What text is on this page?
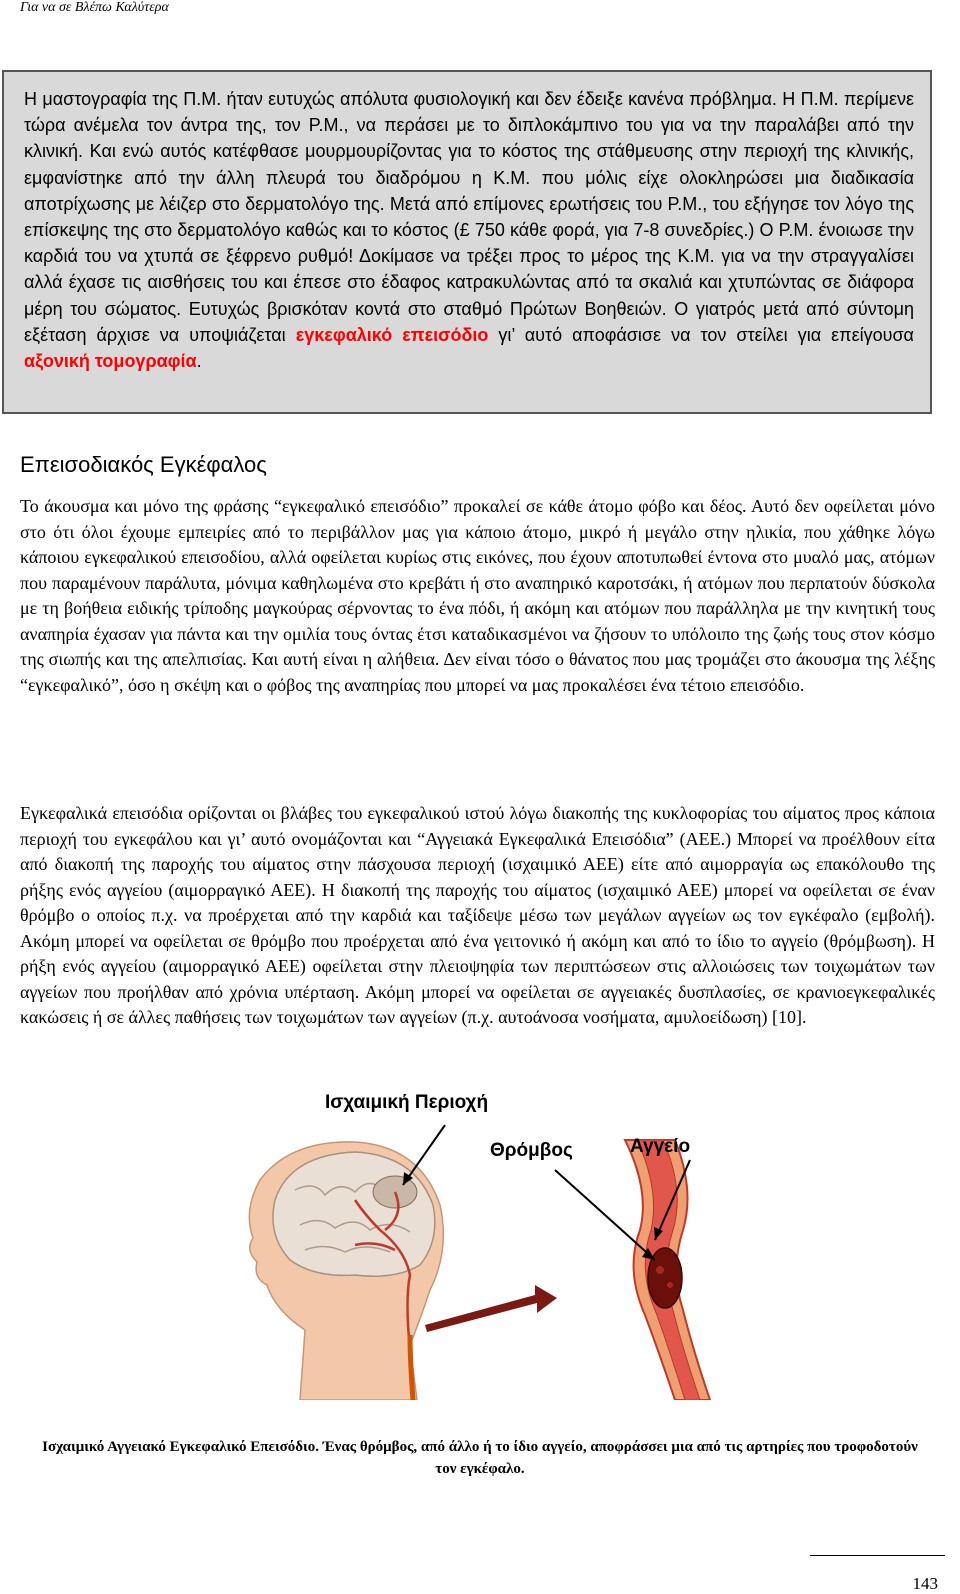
Για να σε Βλέπω Καλύτερα
Η μαστογραφία της Π.Μ. ήταν ευτυχώς απόλυτα φυσιολογική και δεν έδειξε κανένα πρόβλημα. Η Π.Μ. περίμενε τώρα ανέμελα τον άντρα της, τον Ρ.Μ., να περάσει με το διπλοκάμπινο του για να την παραλάβει από την κλινική. Και ενώ αυτός κατέφθασε μουρμουρίζοντας για το κόστος της στάθμευσης στην περιοχή της κλινικής, εμφανίστηκε από την άλλη πλευρά του διαδρόμου η Κ.Μ. που μόλις είχε ολοκληρώσει μια διαδικασία αποτρίχωσης με λέιζερ στο δερματολόγο της. Μετά από επίμονες ερωτήσεις του Ρ.Μ., του εξήγησε τον λόγο της επίσκεψης της στο δερματολόγο καθώς και το κόστος (£ 750 κάθε φορά, για 7-8 συνεδρίες.) Ο Ρ.Μ. ένοιωσε την καρδιά του να χτυπά σε ξέφρενο ρυθμό! Δοκίμασε να τρέξει προς το μέρος της Κ.Μ. για να την στραγγαλίσει αλλά έχασε τις αισθήσεις του και έπεσε στο έδαφος κατρακυλώντας από τα σκαλιά και χτυπώντας σε διάφορα μέρη του σώματος. Ευτυχώς βρισκόταν κοντά στο σταθμό Πρώτων Βοηθειών. Ο γιατρός μετά από σύντομη εξέταση άρχισε να υποψιάζεται εγκεφαλικό επεισόδιο γι’ αυτό αποφάσισε να τον στείλει για επείγουσα αξονική τομογραφία.
Επεισοδιακός Εγκέφαλος
Το άκουσμα και μόνο της φράσης “εγκεφαλικό επεισόδιο” προκαλεί σε κάθε άτομο φόβο και δέος. Αυτό δεν οφείλεται μόνο στο ότι όλοι έχουμε εμπειρίες από το περιβάλλον μας για κάποιο άτομο, μικρό ή μεγάλο στην ηλικία, που χάθηκε λόγω κάποιου εγκεφαλικού επεισοδίου, αλλά οφείλεται κυρίως στις εικόνες, που έχουν αποτυπωθεί έντονα στο μυαλό μας, ατόμων που παραμένουν παράλυτα, μόνιμα καθηλωμένα στο κρεβάτι ή στο αναπηρικό καροτσάκι, ή ατόμων που περπατούν δύσκολα με τη βοήθεια ειδικής τρίποδης μαγκούρας σέρνοντας το ένα πόδι, ή ακόμη και ατόμων που παράλληλα με την κινητική τους αναπηρία έχασαν για πάντα και την ομιλία τους όντας έτσι καταδικασμένοι να ζήσουν το υπόλοιπο της ζωής τους στον κόσμο της σιωπής και της απελπισίας. Και αυτή είναι η αλήθεια. Δεν είναι τόσο ο θάνατος που μας τρομάζει στο άκουσμα της λέξης “εγκεφαλικό”, όσο η σκέψη και ο φόβος της αναπηρίας που μπορεί να μας προκαλέσει ένα τέτοιο επεισόδιο.
Εγκεφαλικά επεισόδια ορίζονται οι βλάβες του εγκεφαλικού ιστού λόγω διακοπής της κυκλοφορίας του αίματος προς κάποια περιοχή του εγκεφάλου και γι’ αυτό ονομάζονται και “Αγγειακά Εγκεφαλικά Επεισόδια” (ΑΕΕ.) Μπορεί να προέλθουν είτα από διακοπή της παροχής του αίματος στην πάσχουσα περιοχή (ισχαιμικό ΑΕΕ) είτε από αιμορραγία ως επακόλουθο της ρήξης ενός αγγείου (αιμορραγικό ΑΕΕ). Η διακοπή της παροχής του αίματος (ισχαιμικό ΑΕΕ) μπορεί να οφείλεται σε έναν θρόμβο ο οποίος π.χ. να προέρχεται από την καρδιά και ταξίδεψε μέσω των μεγάλων αγγείων ως τον εγκέφαλο (εμβολή). Ακόμη μπορεί να οφείλεται σε θρόμβο που προέρχεται από ένα γειτονικό ή ακόμη και από το ίδιο το αγγείο (θρόμβωση). Η ρήξη ενός αγγείου (αιμορραγικό ΑΕΕ) οφείλεται στην πλειοψηφία των περιπτώσεων στις αλλοιώσεις των τοιχωμάτων των αγγείων που προήλθαν από χρόνια υπέρταση. Ακόμη μπορεί να οφείλεται σε αγγειακές δυσπλασίες, σε κρανιοεγκεφαλικές κακώσεις ή σε άλλες παθήσεις των τοιχωμάτων των αγγείων (π.χ. αυτοάνοσα νοσήματα, αμυλοείδωση) [10].
Ισχαιμική Περιοχή
Θρόμβος	Αγγείο
Ισχαιμικό Αγγειακό Εγκεφαλικό Επεισόδιο. Ένας θρόμβος, από άλλο ή το ίδιο αγγείο, αποφράσσει μια από τις αρτηρίες που τροφοδοτούν τον εγκέφαλο.
143
